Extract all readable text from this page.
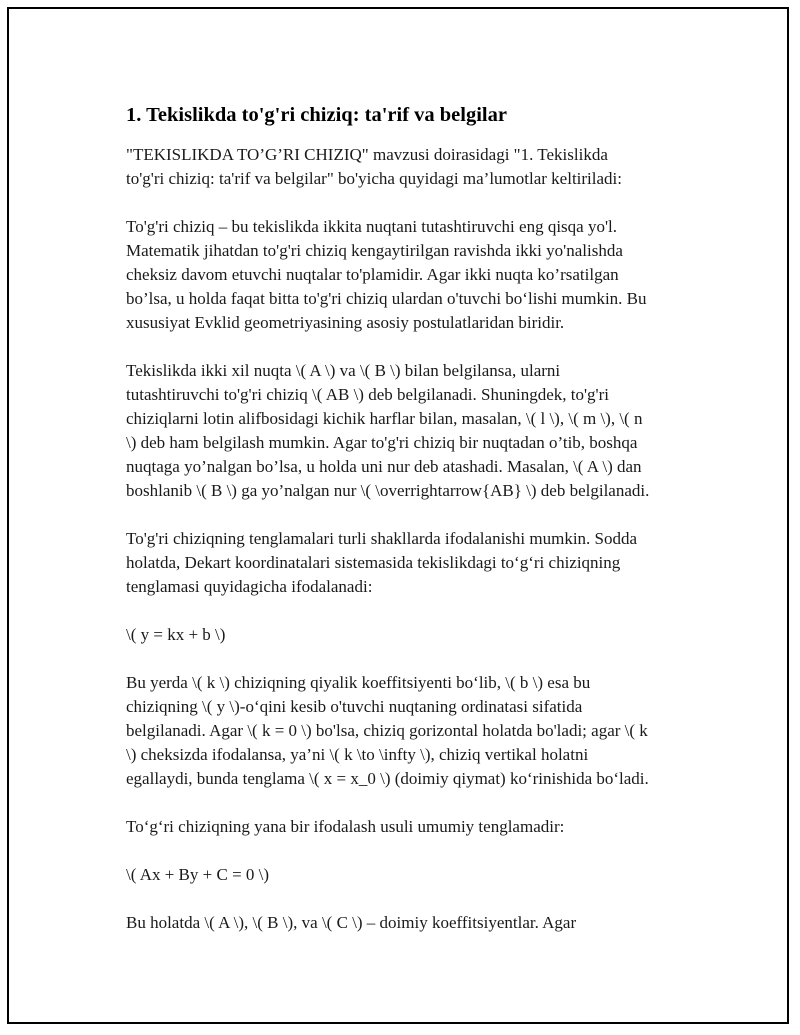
1. Tekislikda to'g'ri chiziq: ta'rif va belgilar

"TEKISLIKDA TO’G’RI CHIZIQ" mavzusi doirasidagi "1. Tekislikda
to'g'ri chiziq: ta'rif va belgilar" bo'yicha quyidagi ma’lumotlar keltiriladi:

To'g'ri chiziq – bu tekislikda ikkita nuqtani tutashtiruvchi eng qisqa yo'l.
Matematik jihatdan to'g'ri chiziq kengaytirilgan ravishda ikki yo'nalishda
cheksiz davom etuvchi nuqtalar to'plamidir. Agar ikki nuqta ko’rsatilgan
bo’lsa, u holda faqat bitta to'g'ri chiziq ulardan o'tuvchi bo‘lishi mumkin. Bu
xususiyat Evklid geometriyasining asosiy postulatlaridan biridir.

Tekislikda ikki xil nuqta \( A \) va \( B \) bilan belgilansa, ularni
tutashtiruvchi to'g'ri chiziq \( AB \) deb belgilanadi. Shuningdek, to'g'ri
chiziqlarni lotin alifbosidagi kichik harflar bilan, masalan, \( l \), \( m \), \( n
\) deb ham belgilash mumkin. Agar to'g'ri chiziq bir nuqtadan o’tib, boshqa
nuqtaga yo’nalgan bo’lsa, u holda uni nur deb atashadi. Masalan, \( A \) dan
boshlanib \( B \) ga yo’nalgan nur \( \overrightarrow{AB} \) deb belgilanadi.

To'g'ri chiziqning tenglamalari turli shakllarda ifodalanishi mumkin. Sodda
holatda, Dekart koordinatalari sistemasida tekislikdagi to‘g‘ri chiziqning
tenglamasi quyidagicha ifodalanadi:

\( y = kx + b \)

Bu yerda \( k \) chiziqning qiyalik koeffitsiyenti bo‘lib, \( b \) esa bu
chiziqning \( y \)-o‘qini kesib o'tuvchi nuqtaning ordinatasi sifatida
belgilanadi. Agar \( k = 0 \) bo'lsa, chiziq gorizontal holatda bo'ladi; agar \( k
\) cheksizda ifodalansa, ya’ni \( k \to \infty \), chiziq vertikal holatni
egallaydi, bunda tenglama \( x = x_0 \) (doimiy qiymat) ko‘rinishida bo‘ladi.

To‘g‘ri chiziqning yana bir ifodalash usuli umumiy tenglamadir:

\( Ax + By + C = 0 \)

Bu holatda \( A \), \( B \), va \( C \) – doimiy koeffitsiyentlar. Agar
